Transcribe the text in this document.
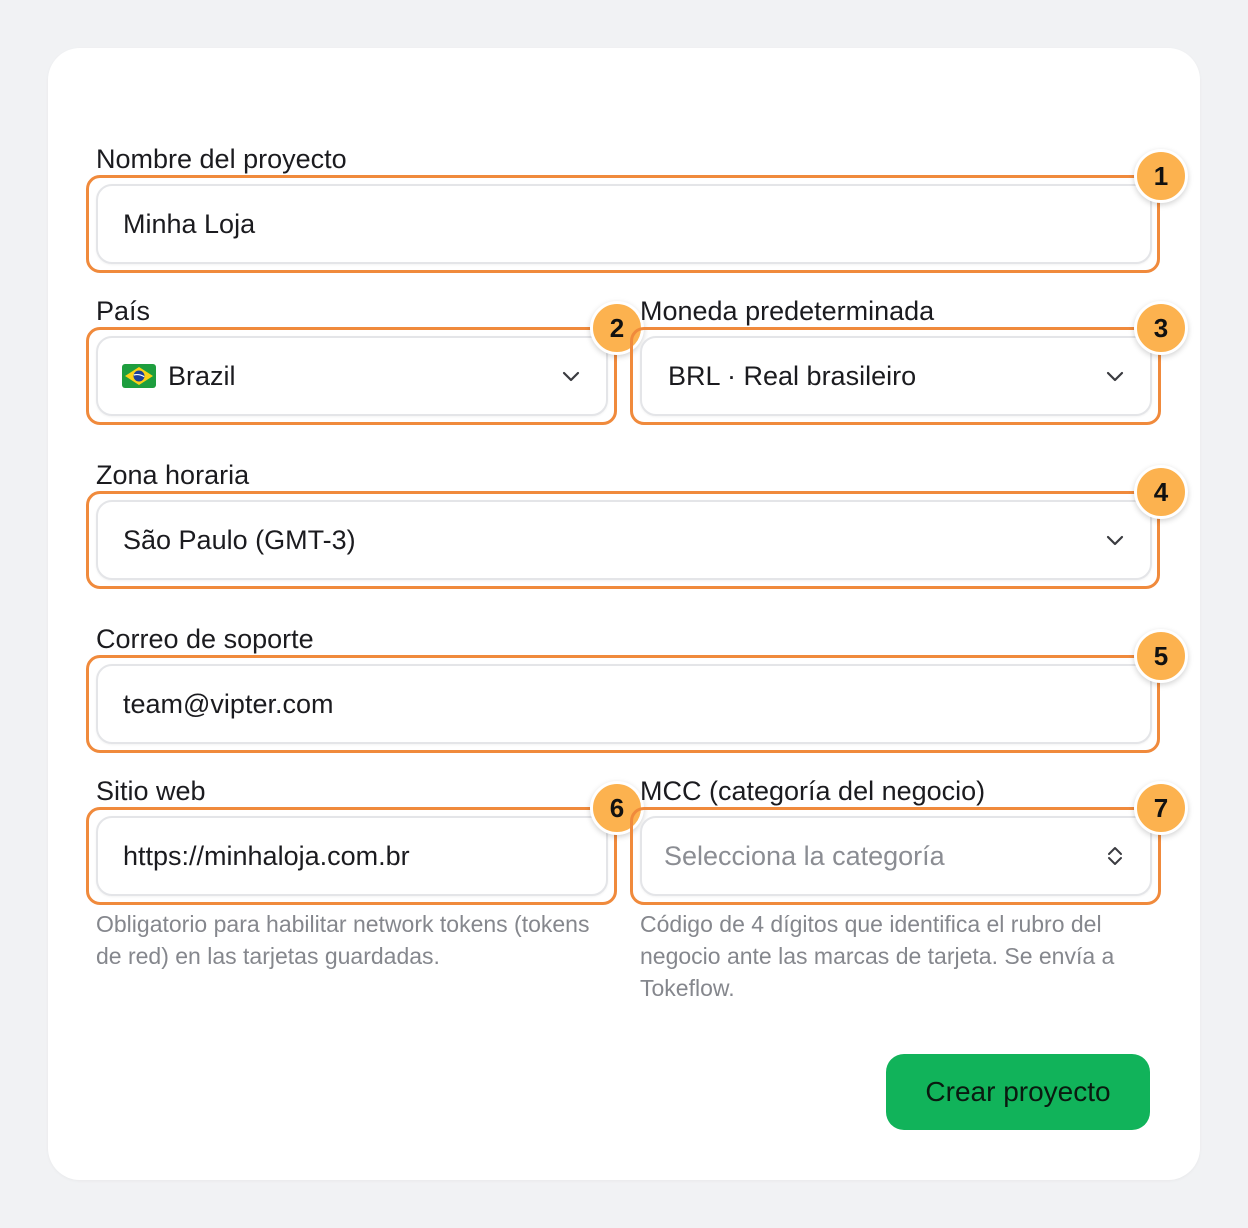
Nombre del proyecto
Minha Loja
1
País
Brazil
2
Moneda predeterminada
BRL · Real brasileiro
3
Zona horaria
São Paulo (GMT-3)
4
Correo de soporte
team@vipter.com
5
Sitio web
https://minhaloja.com.br
6
Obligatorio para habilitar network tokens (tokens de red) en las tarjetas guardadas.
MCC (categoría del negocio)
Selecciona la categoría
7
Código de 4 dígitos que identifica el rubro del negocio ante las marcas de tarjeta. Se envía a Tokeflow.
Crear proyecto
